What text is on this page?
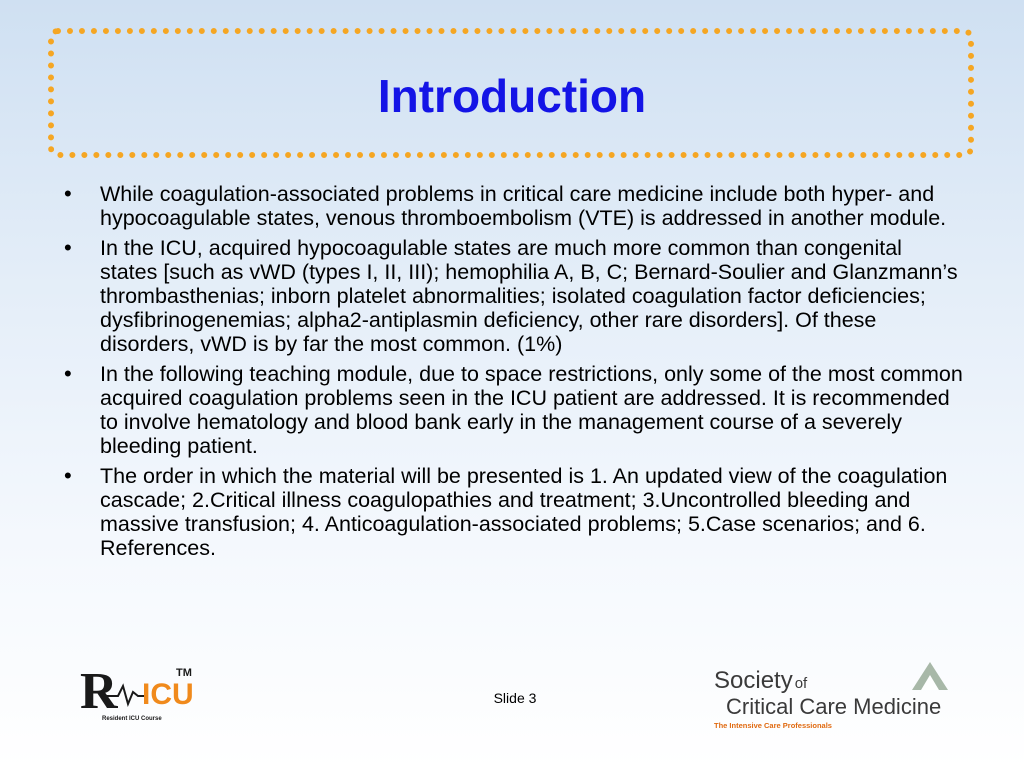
Introduction
• While coagulation-associated problems in critical care medicine include both hyper- and hypocoagulable states, venous thromboembolism (VTE) is addressed in another module.
• In the ICU, acquired hypocoagulable states are much more common than congenital states [such as vWD (types I, II, III); hemophilia A, B, C; Bernard-Soulier and Glanzmann’s thrombasthenias; inborn platelet abnormalities; isolated coagulation factor deficiencies; dysfibrinogenemias; alpha2-antiplasmin deficiency, other rare disorders]. Of these disorders, vWD is by far the most common. (1%)
• In the following teaching module, due to space restrictions, only some of the most common acquired coagulation problems seen in the ICU patient are addressed. It is recommended to involve hematology and blood bank early in the management course of a severely bleeding patient.
• The order in which the material will be presented is 1. An updated view of the coagulation cascade; 2.Critical illness coagulopathies and treatment; 3.Uncontrolled bleeding and massive transfusion; 4. Anticoagulation-associated problems; 5.Case scenarios; and 6. References.
R ICU
TM
Resident ICU Course
Slide 3
Society of
Critical Care Medicine
The Intensive Care Professionals
